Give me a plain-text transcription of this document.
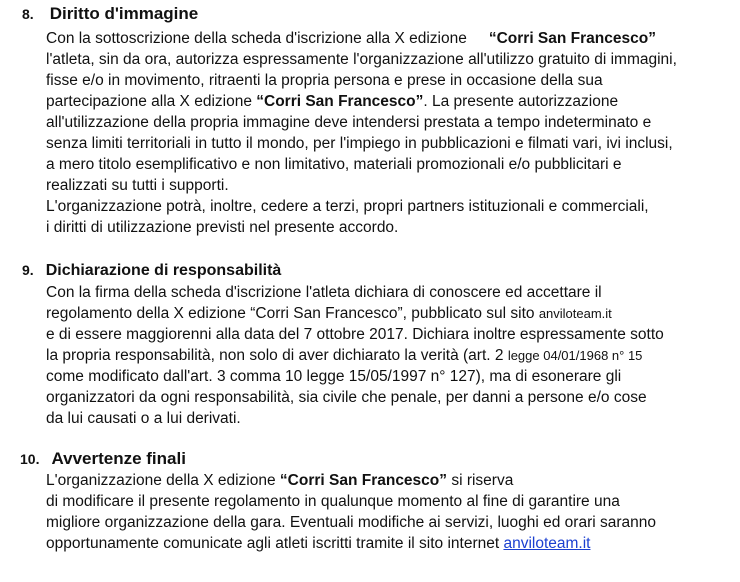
8. Diritto d'immagine
Con la sottoscrizione della scheda d'iscrizione alla X edizione “Corri San Francesco”
l'atleta, sin da ora, autorizza espressamente l'organizzazione all'utilizzo gratuito di immagini,
fisse e/o in movimento, ritraenti la propria persona e prese in occasione della sua
partecipazione alla X edizione “Corri San Francesco”. La presente autorizzazione
all'utilizzazione della propria immagine deve intendersi prestata a tempo indeterminato e
senza limiti territoriali in tutto il mondo, per l'impiego in pubblicazioni e filmati vari, ivi inclusi,
a mero titolo esemplificativo e non limitativo, materiali promozionali e/o pubblicitari e
realizzati su tutti i supporti.
L'organizzazione potrà, inoltre, cedere a terzi, propri partners istituzionali e commerciali,
i diritti di utilizzazione previsti nel presente accordo.
9. Dichiarazione di responsabilità
Con la firma della scheda d'iscrizione l'atleta dichiara di conoscere ed accettare il
regolamento della X edizione “Corri San Francesco”, pubblicato sul sito anviloteam.it
e di essere maggiorenni alla data del 7 ottobre 2017. Dichiara inoltre espressamente sotto
la propria responsabilità, non solo di aver dichiarato la verità (art. 2 legge 04/01/1968 n° 15
come modificato dall'art. 3 comma 10 legge 15/05/1997 n° 127), ma di esonerare gli
organizzatori da ogni responsabilità, sia civile che penale, per danni a persone e/o cose
da lui causati o a lui derivati.
10. Avvertenze finali
L'organizzazione della X edizione “Corri San Francesco” si riserva
di modificare il presente regolamento in qualunque momento al fine di garantire una
migliore organizzazione della gara. Eventuali modifiche ai servizi, luoghi ed orari saranno
opportunamente comunicate agli atleti iscritti tramite il sito internet anviloteam.it
